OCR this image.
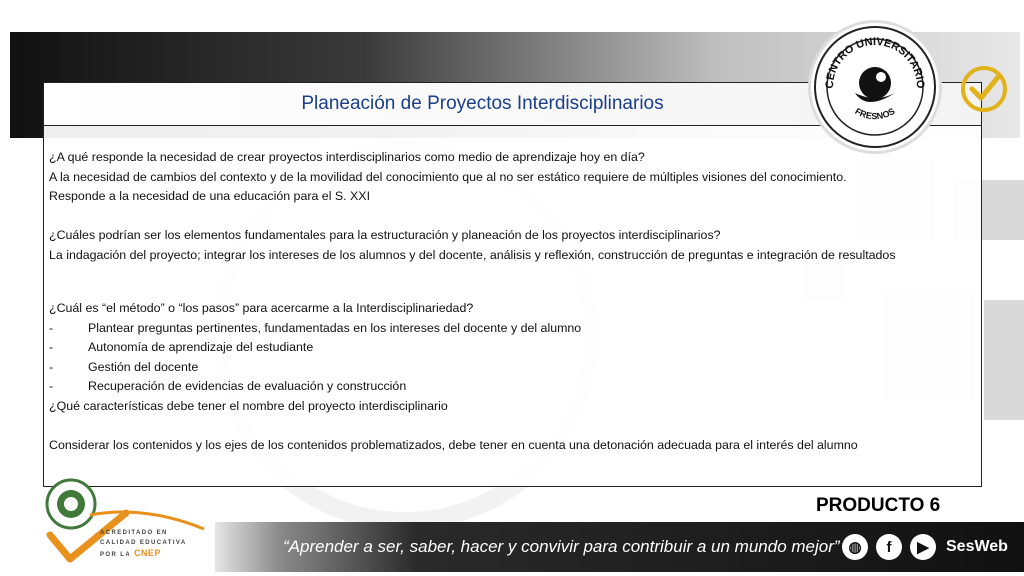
Planeación de Proyectos Interdisciplinarios

¿A qué responde la necesidad de crear proyectos interdisciplinarios como medio de aprendizaje hoy en día?

A la necesidad de cambios del contexto y de la movilidad del conocimiento que al no ser estático requiere de múltiples visiones del conocimiento.

Responde a la necesidad de una educación para el S. XXI

¿Cuáles podrían ser los elementos fundamentales para la estructuración y planeación de los proyectos interdisciplinarios?

La indagación del proyecto; integrar los intereses de los alumnos y del docente, análisis y reflexión, construcción de preguntas e integración de resultados

¿Cuál es “el método” o “los pasos” para acercarme a la Interdisciplinariedad?

-	Plantear preguntas pertinentes, fundamentadas en los intereses del docente y del alumno
-	Autonomía de aprendizaje del estudiante
-	Gestión del docente
-	Recuperación de evidencias de evaluación y construcción

¿Qué características debe tener el nombre del proyecto interdisciplinario

Considerar los contenidos y los ejes de los contenidos problematizados, debe tener en cuenta una detonación adecuada para el interés del alumno

CENTRO UNIVERSITARIO
FRESNOS
PRODUCTO 6
ACREDITADO EN
CALIDAD EDUCATIVA
POR LA CNEP	“Aprender a ser, saber, hacer y convivir para contribuir a un mundo mejor” ◍	f	▶	SesWeb
